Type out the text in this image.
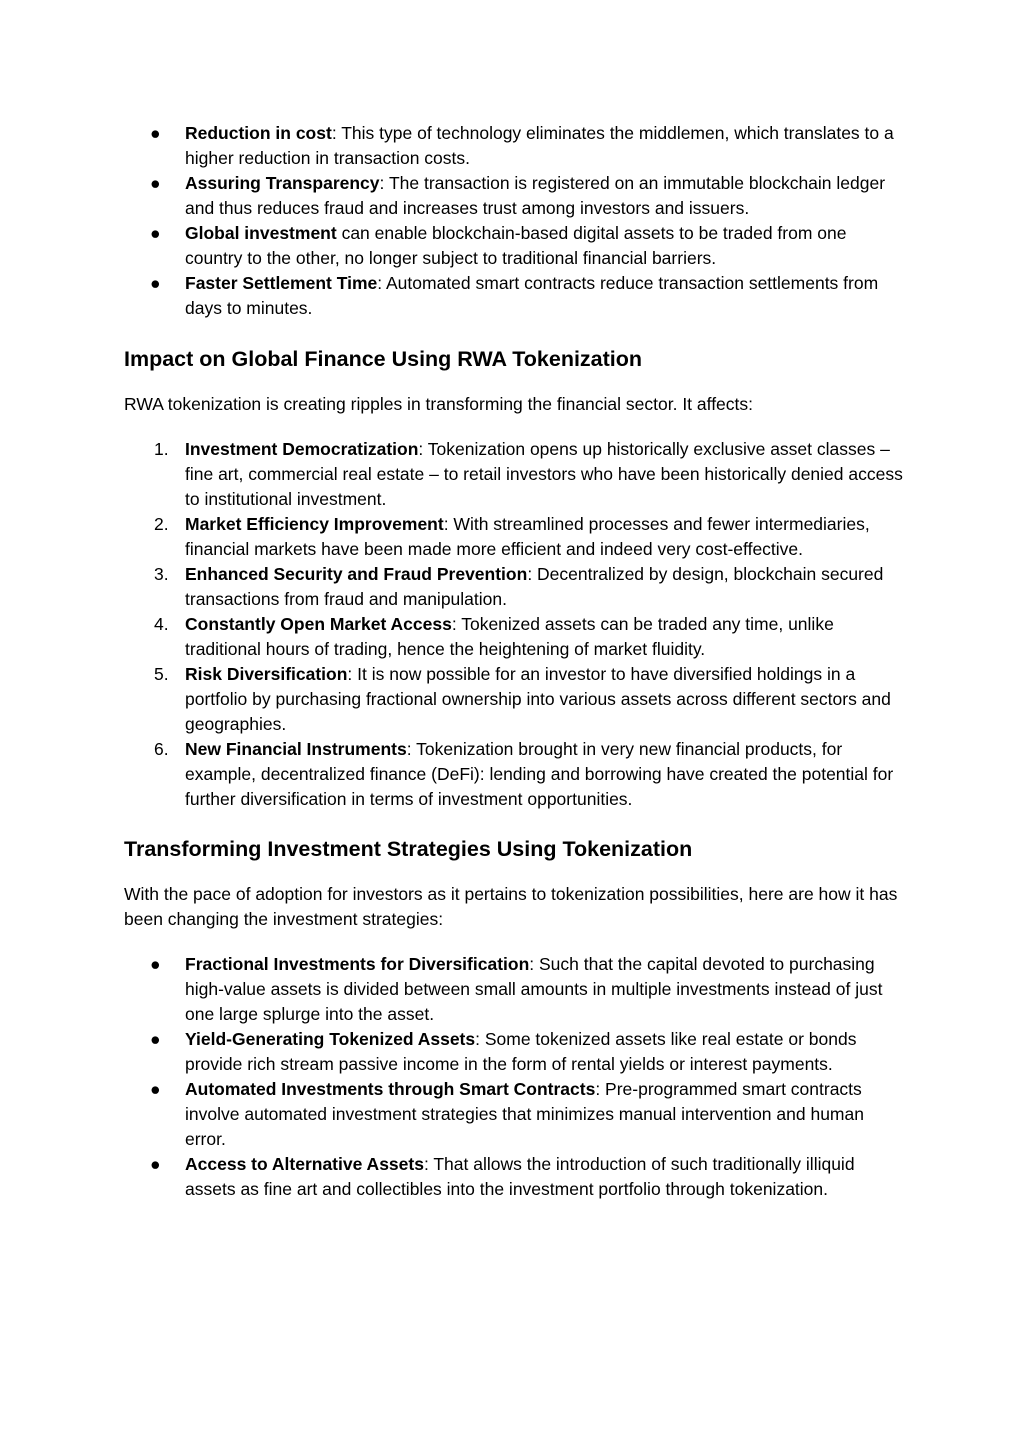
●	Reduction in cost: This type of technology eliminates the middlemen, which translates to a higher reduction in transaction costs.
●	Assuring Transparency: The transaction is registered on an immutable blockchain ledger and thus reduces fraud and increases trust among investors and issuers.
●	Global investment can enable blockchain-based digital assets to be traded from one country to the other, no longer subject to traditional financial barriers.
●	Faster Settlement Time: Automated smart contracts reduce transaction settlements from days to minutes.
Impact on Global Finance Using RWA Tokenization

RWA tokenization is creating ripples in transforming the financial sector. It affects:

1. Investment Democratization: Tokenization opens up historically exclusive asset classes – fine art, commercial real estate – to retail investors who have been historically denied access to institutional investment.
2. Market Efficiency Improvement: With streamlined processes and fewer intermediaries, financial markets have been made more efficient and indeed very cost-effective.
3. Enhanced Security and Fraud Prevention: Decentralized by design, blockchain secured transactions from fraud and manipulation.
4. Constantly Open Market Access: Tokenized assets can be traded any time, unlike traditional hours of trading, hence the heightening of market fluidity.
5. Risk Diversification: It is now possible for an investor to have diversified holdings in a portfolio by purchasing fractional ownership into various assets across different sectors and geographies.
6. New Financial Instruments: Tokenization brought in very new financial products, for example, decentralized finance (DeFi): lending and borrowing have created the potential for further diversification in terms of investment opportunities.
Transforming Investment Strategies Using Tokenization

With the pace of adoption for investors as it pertains to tokenization possibilities, here are how it has been changing the investment strategies:

●	Fractional Investments for Diversification: Such that the capital devoted to purchasing high-value assets is divided between small amounts in multiple investments instead of just one large splurge into the asset.
●	Yield-Generating Tokenized Assets: Some tokenized assets like real estate or bonds provide rich stream passive income in the form of rental yields or interest payments.
●	Automated Investments through Smart Contracts: Pre-programmed smart contracts involve automated investment strategies that minimizes manual intervention and human error.
●	Access to Alternative Assets: That allows the introduction of such traditionally illiquid assets as fine art and collectibles into the investment portfolio through tokenization.
